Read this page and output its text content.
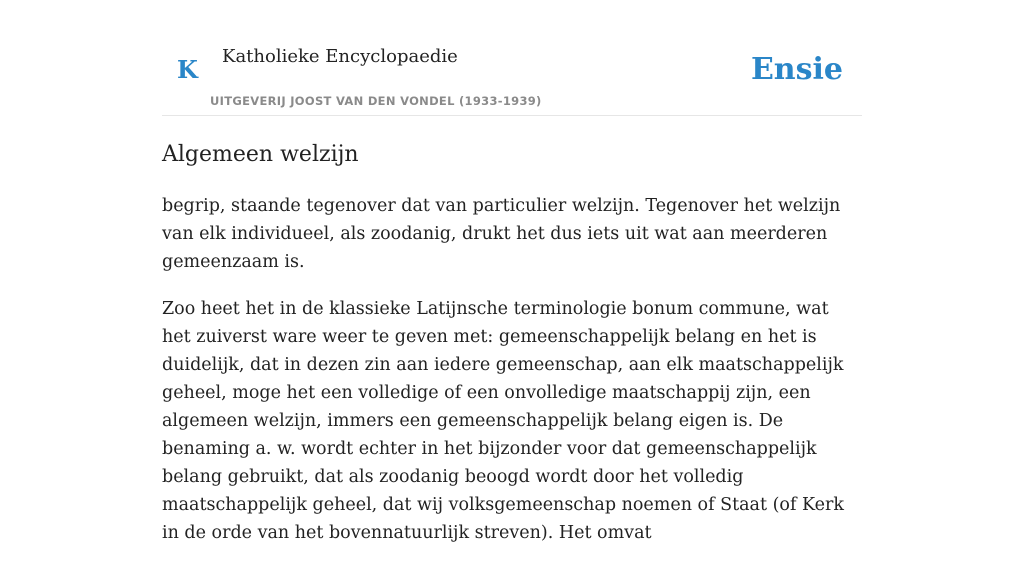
K Katholieke Encyclopaedie
UITGEVERIJ JOOST VAN DEN VONDEL (1933-1939)
Ensie
Algemeen welzijn

begrip, staande tegenover dat van particulier welzijn. Tegenover het welzijn van elk individueel, als zoodanig, drukt het dus iets uit wat aan meerderen gemeenzaam is.

Zoo heet het in de klassieke Latijnsche terminologie bonum commune, wat het zuiverst ware weer te geven met: gemeenschappelijk belang en het is duidelijk, dat in dezen zin aan iedere gemeenschap, aan elk maatschappelijk geheel, moge het een volledige of een onvolledige maatschappij zijn, een algemeen welzijn, immers een gemeenschappelijk belang eigen is. De benaming a. w. wordt echter in het bijzonder voor dat gemeenschappelijk belang gebruikt, dat als zoodanig beoogd wordt door het volledig maatschappelijk geheel, dat wij volksgemeenschap noemen of Staat (of Kerk in de orde van het bovennatuurlijk streven). Het omvat
